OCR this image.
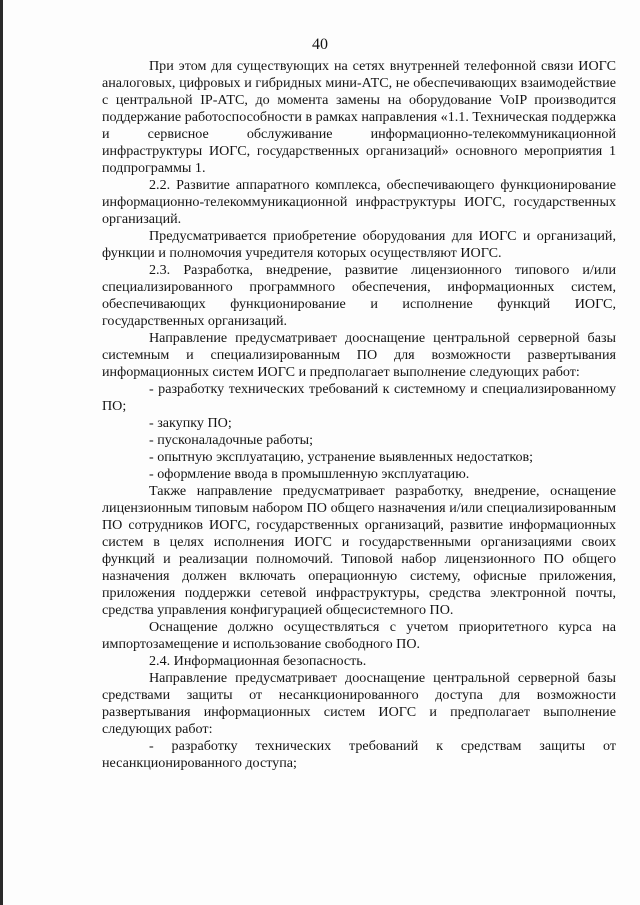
40

При этом для существующих на сетях внутренней телефонной связи ИОГС аналоговых, цифровых и гибридных мини-АТС, не обеспечивающих взаимодействие с центральной IP-АТС, до момента замены на оборудование VoIP производится поддержание работоспособности в рамках направления «1.1. Техническая поддержка и сервисное обслуживание информационно-телекоммуникационной инфраструктуры ИОГС, государственных организаций» основного мероприятия 1 подпрограммы 1.

2.2. Развитие аппаратного комплекса, обеспечивающего функционирование информационно-телекоммуникационной инфраструктуры ИОГС, государственных организаций.

Предусматривается приобретение оборудования для ИОГС и организаций, функции и полномочия учредителя которых осуществляют ИОГС.

2.3. Разработка, внедрение, развитие лицензионного типового и/или специализированного программного обеспечения, информационных систем, обеспечивающих функционирование и исполнение функций ИОГС, государственных организаций.

Направление предусматривает дооснащение центральной серверной базы системным и специализированным ПО для возможности развертывания информационных систем ИОГС и предполагает выполнение следующих работ:

- разработку технических требований к системному и специализированному ПО;

- закупку ПО;

- пусконаладочные работы;

- опытную эксплуатацию, устранение выявленных недостатков;

- оформление ввода в промышленную эксплуатацию.

Также направление предусматривает разработку, внедрение, оснащение лицензионным типовым набором ПО общего назначения и/или специализированным ПО сотрудников ИОГС, государственных организаций, развитие информационных систем в целях исполнения ИОГС и государственными организациями своих функций и реализации полномочий. Типовой набор лицензионного ПО общего назначения должен включать операционную систему, офисные приложения, приложения поддержки сетевой инфраструктуры, средства электронной почты, средства управления конфигурацией общесистемного ПО.

Оснащение должно осуществляться с учетом приоритетного курса на импортозамещение и использование свободного ПО.

2.4. Информационная безопасность.

Направление предусматривает дооснащение центральной серверной базы средствами защиты от несанкционированного доступа для возможности развертывания информационных систем ИОГС и предполагает выполнение следующих работ:

- разработку технических требований к средствам защиты от несанкционированного доступа;
